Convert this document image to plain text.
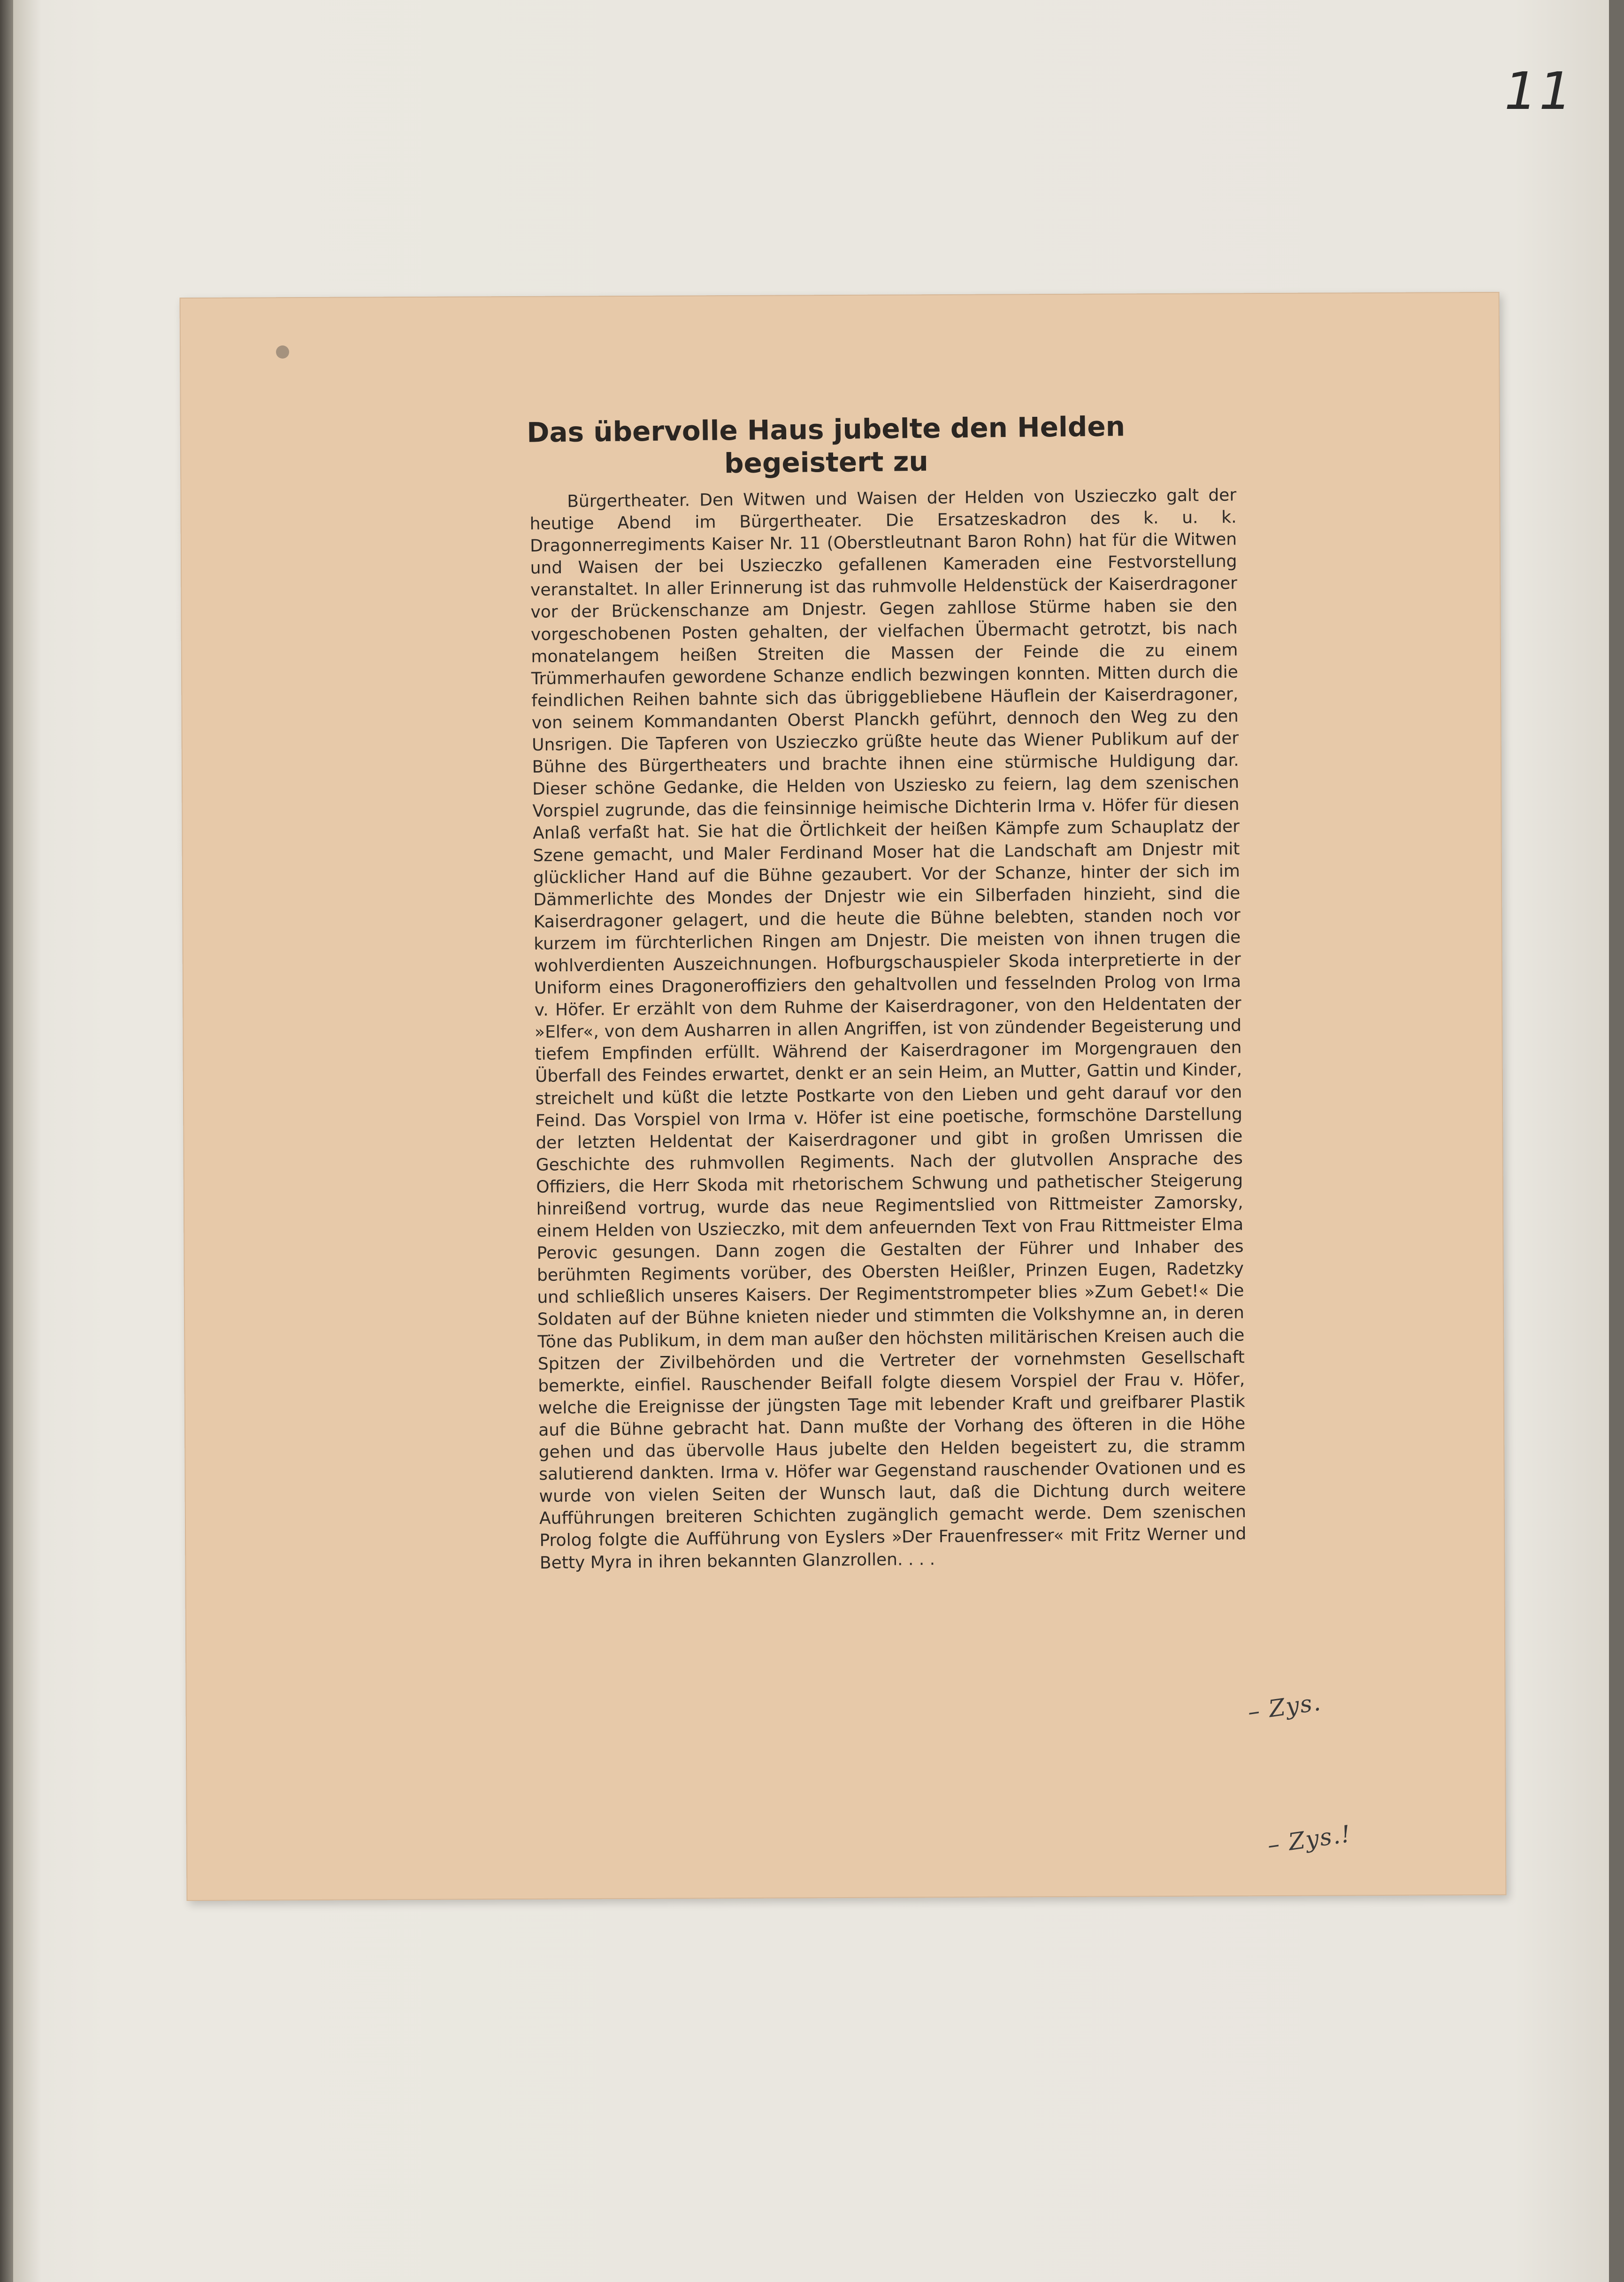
11
Das übervolle Haus jubelte den Helden begeistert zu

Bürgertheater. Den Witwen und Waisen der Helden von Uszieczko galt der heutige Abend im Bürgertheater. Die Ersatzeskadron des k. u. k. Dragonnerregiments Kaiser Nr. 11 (Oberstleutnant Baron Rohn) hat für die Witwen und Waisen der bei Uszieczko gefallenen Kameraden eine Festvorstellung veranstaltet. In aller Erinnerung ist das ruhmvolle Heldenstück der Kaiserdragoner vor der Brückenschanze am Dnjestr. Gegen zahllose Stürme haben sie den vorgeschobenen Posten gehalten, der vielfachen Übermacht getrotzt, bis nach monatelangem heißen Streiten die Massen der Feinde die zu einem Trümmerhaufen gewordene Schanze endlich bezwingen konnten. Mitten durch die feindlichen Reihen bahnte sich das übriggebliebene Häuflein der Kaiserdragoner, von seinem Kommandanten Oberst Planckh geführt, dennoch den Weg zu den Unsrigen. Die Tapferen von Uszieczko grüßte heute das Wiener Publikum auf der Bühne des Bürgertheaters und brachte ihnen eine stürmische Huldigung dar. Dieser schöne Gedanke, die Helden von Usziesko zu feiern, lag dem szenischen Vorspiel zugrunde, das die feinsinnige heimische Dichterin Irma v. Höfer für diesen Anlaß verfaßt hat. Sie hat die Örtlichkeit der heißen Kämpfe zum Schauplatz der Szene gemacht, und Maler Ferdinand Moser hat die Landschaft am Dnjestr mit glücklicher Hand auf die Bühne gezaubert. Vor der Schanze, hinter der sich im Dämmerlichte des Mondes der Dnjestr wie ein Silberfaden hinzieht, sind die Kaiserdragoner gelagert, und die heute die Bühne belebten, standen noch vor kurzem im fürchterlichen Ringen am Dnjestr. Die meisten von ihnen trugen die wohlverdienten Auszeichnungen. Hofburgschauspieler Skoda interpretierte in der Uniform eines Dragoneroffiziers den gehaltvollen und fesselnden Prolog von Irma v. Höfer. Er erzählt von dem Ruhme der Kaiserdragoner, von den Heldentaten der »Elfer«, von dem Ausharren in allen Angriffen, ist von zündender Begeisterung und tiefem Empfinden erfüllt. Während der Kaiserdragoner im Morgengrauen den Überfall des Feindes erwartet, denkt er an sein Heim, an Mutter, Gattin und Kinder, streichelt und küßt die letzte Postkarte von den Lieben und geht darauf vor den Feind. Das Vorspiel von Irma v. Höfer ist eine poetische, formschöne Darstellung der letzten Heldentat der Kaiserdragoner und gibt in großen Umrissen die Geschichte des ruhmvollen Regiments. Nach der glutvollen Ansprache des Offiziers, die Herr Skoda mit rhetorischem Schwung und pathetischer Steigerung hinreißend vortrug, wurde das neue Regimentslied von Rittmeister Zamorsky, einem Helden von Uszieczko, mit dem anfeuernden Text von Frau Rittmeister Elma Perovic gesungen. Dann zogen die Gestalten der Führer und Inhaber des berühmten Regiments vorüber, des Obersten Heißler, Prinzen Eugen, Radetzky und schließlich unseres Kaisers. Der Regimentstrompeter blies »Zum Gebet!« Die Soldaten auf der Bühne knieten nieder und stimmten die Volkshymne an, in deren Töne das Publikum, in dem man außer den höchsten militärischen Kreisen auch die Spitzen der Zivilbehörden und die Vertreter der vornehmsten Gesellschaft bemerkte, einfiel. Rauschender Beifall folgte diesem Vorspiel der Frau v. Höfer, welche die Ereignisse der jüngsten Tage mit lebender Kraft und greifbarer Plastik auf die Bühne gebracht hat. Dann mußte der Vorhang des öfteren in die Höhe gehen und das übervolle Haus jubelte den Helden begeistert zu, die stramm salutierend dankten. Irma v. Höfer war Gegenstand rauschender Ovationen und es wurde von vielen Seiten der Wunsch laut, daß die Dichtung durch weitere Aufführungen breiteren Schichten zugänglich gemacht werde. Dem szenischen Prolog folgte die Aufführung von Eyslers »Der Frauenfresser« mit Fritz Werner und Betty Myra in ihren bekannten Glanzrollen. . . .

– Zys.
– Zys.!
